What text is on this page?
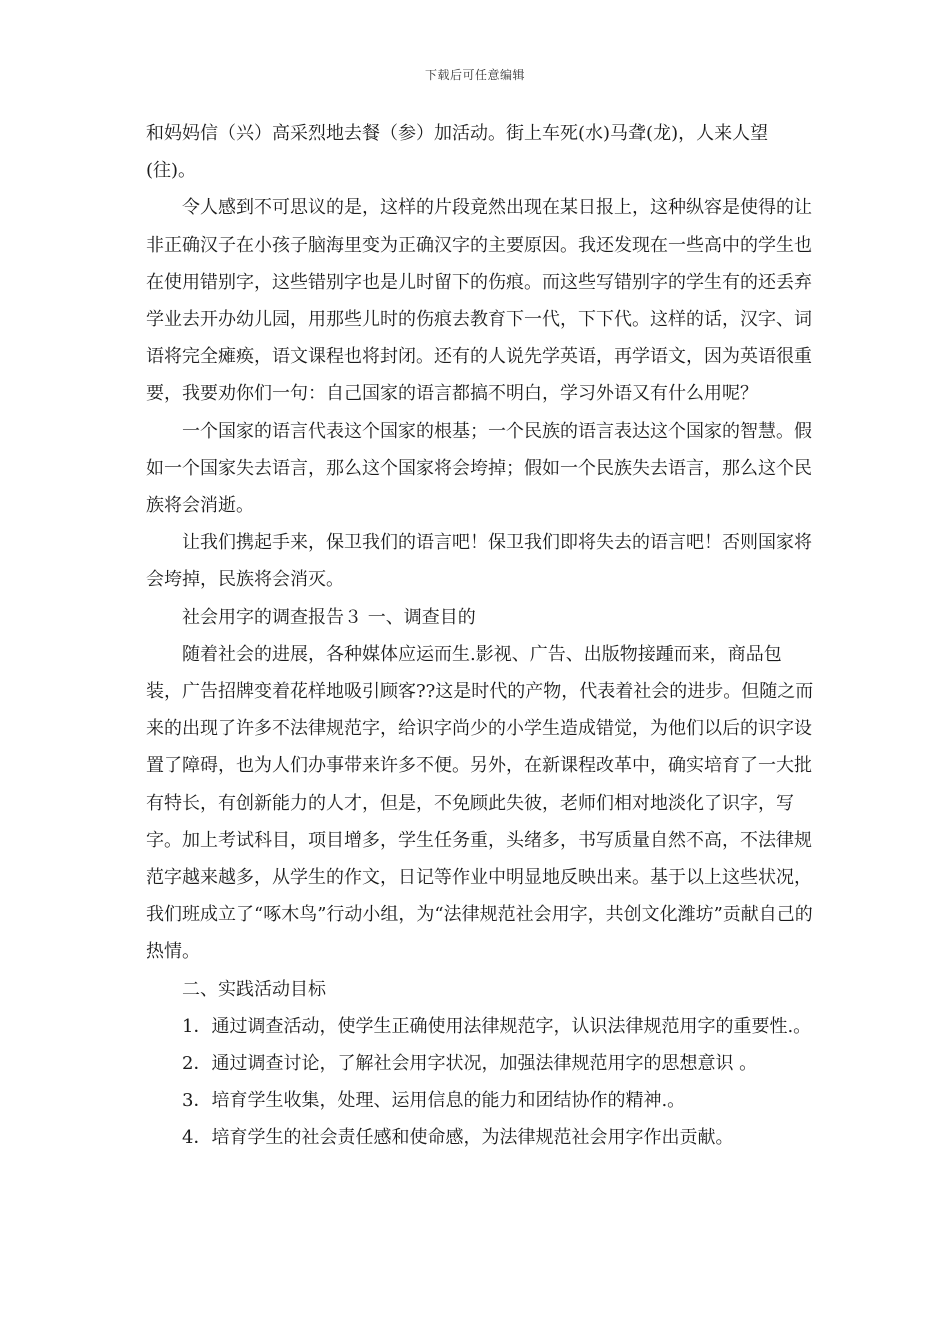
下载后可任意编辑

和妈妈信（兴）高采烈地去餐（参）加活动。街上车死(水)马聋(龙)，人来人望(往)。

令人感到不可思议的是，这样的片段竟然出现在某日报上，这种纵容是使得的让非正确汉子在小孩子脑海里变为正确汉字的主要原因。我还发现在一些高中的学生也在使用错别字，这些错别字也是儿时留下的伤痕。而这些写错别字的学生有的还丢弃学业去开办幼儿园，用那些儿时的伤痕去教育下一代，下下代。这样的话，汉字、词语将完全瘫痪，语文课程也将封闭。还有的人说先学英语，再学语文，因为英语很重要，我要劝你们一句：自己国家的语言都搞不明白，学习外语又有什么用呢？

一个国家的语言代表这个国家的根基；一个民族的语言表达这个国家的智慧。假如一个国家失去语言，那么这个国家将会垮掉；假如一个民族失去语言，那么这个民族将会消逝。

让我们携起手来，保卫我们的语言吧！保卫我们即将失去的语言吧！否则国家将会垮掉，民族将会消灭。

社会用字的调查报告３ 一、调查目的

随着社会的进展，各种媒体应运而生.影视、广告、出版物接踵而来，商品包装，广告招牌变着花样地吸引顾客??这是时代的产物，代表着社会的进步。但随之而来的出现了许多不法律规范字，给识字尚少的小学生造成错觉，为他们以后的识字设置了障碍，也为人们办事带来许多不便。另外，在新课程改革中，确实培育了一大批有特长，有创新能力的人才，但是，不免顾此失彼，老师们相对地淡化了识字，写字。加上考试科目，项目增多，学生任务重，头绪多，书写质量自然不高，不法律规范字越来越多，从学生的作文，日记等作业中明显地反映出来。基于以上这些状况，我们班成立了“啄木鸟”行动小组，为“法律规范社会用字，共创文化潍坊”贡献自己的热情。

二、实践活动目标

1．通过调查活动，使学生正确使用法律规范字，认识法律规范用字的重要性.。

2．通过调查讨论，了解社会用字状况，加强法律规范用字的思想意识 。

3．培育学生收集，处理、运用信息的能力和团结协作的精神.。

4．培育学生的社会责任感和使命感，为法律规范社会用字作出贡献。
